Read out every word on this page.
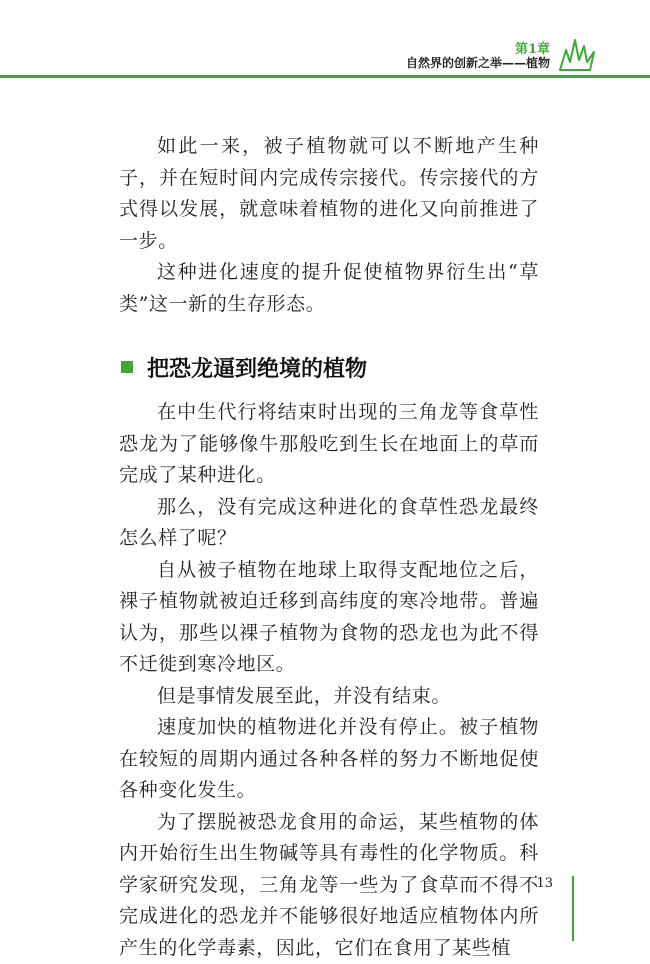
第1章
自然界的创新之举——植物

如此一来，被子植物就可以不断地产生种子，并在短时间内完成传宗接代。传宗接代的方式得以发展，就意味着植物的进化又向前推进了一步。

这种进化速度的提升促使植物界衍生出“草类”这一新的生存形态。

把恐龙逼到绝境的植物

在中生代行将结束时出现的三角龙等食草性恐龙为了能够像牛那般吃到生长在地面上的草而完成了某种进化。

那么，没有完成这种进化的食草性恐龙最终怎么样了呢？

自从被子植物在地球上取得支配地位之后，裸子植物就被迫迁移到高纬度的寒冷地带。普遍认为，那些以裸子植物为食物的恐龙也为此不得不迁徙到寒冷地区。

但是事情发展至此，并没有结束。

速度加快的植物进化并没有停止。被子植物在较短的周期内通过各种各样的努力不断地促使各种变化发生。

为了摆脱被恐龙食用的命运，某些植物的体内开始衍生出生物碱等具有毒性的化学物质。科学家研究发现，三角龙等一些为了食草而不得不完成进化的恐龙并不能够很好地适应植物体内所产生的化学毒素，因此，它们在食用了某些植

13
